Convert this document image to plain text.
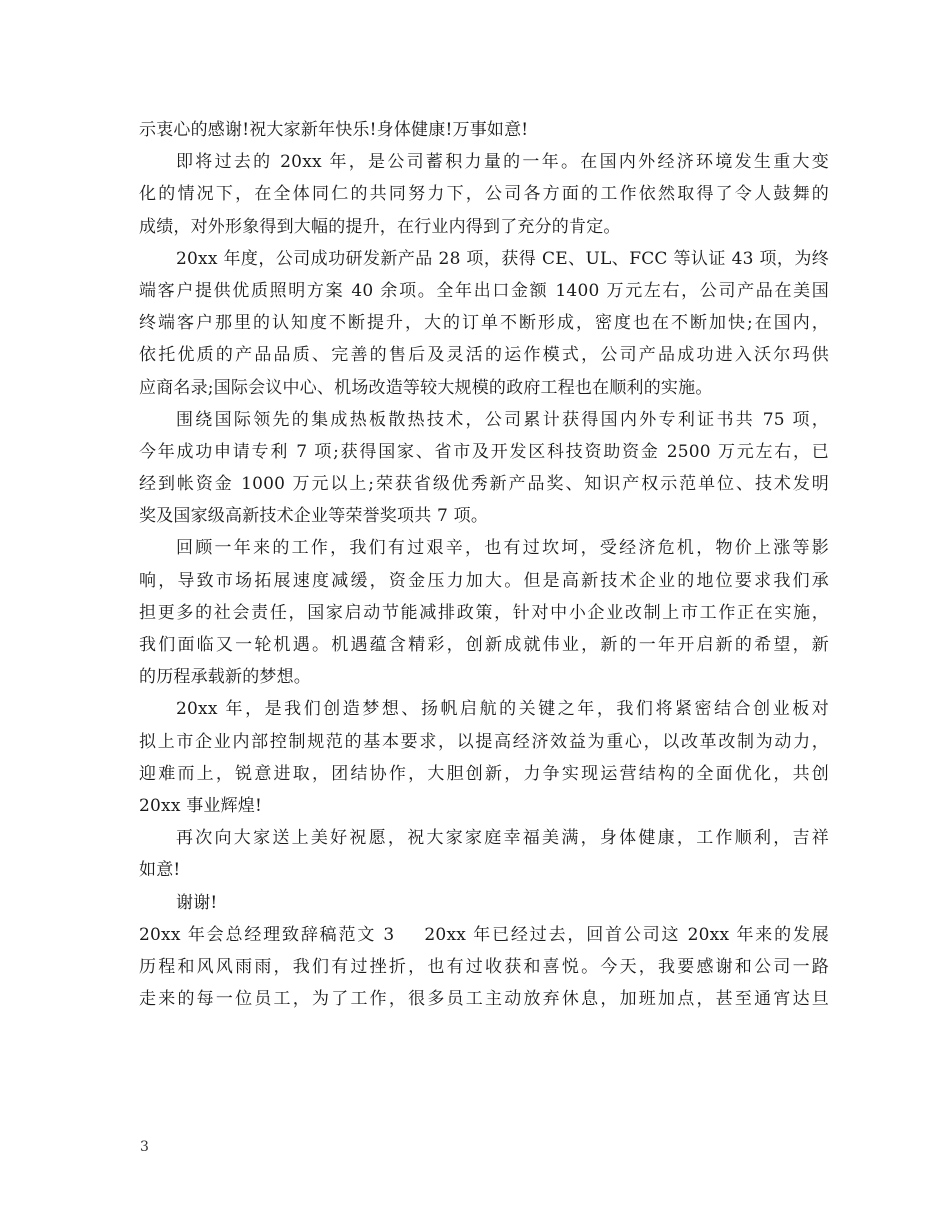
示衷心的感谢!祝大家新年快乐!身体健康!万事如意!
即将过去的 20xx 年，是公司蓄积力量的一年。在国内外经济环境发生重大变
化的情况下，在全体同仁的共同努力下，公司各方面的工作依然取得了令人鼓舞的
成绩，对外形象得到大幅的提升，在行业内得到了充分的肯定。
20xx 年度，公司成功研发新产品 28 项，获得 CE、UL、FCC 等认证 43 项，为终
端客户提供优质照明方案 40 余项。全年出口金额 1400 万元左右，公司产品在美国
终端客户那里的认知度不断提升，大的订单不断形成，密度也在不断加快;在国内，
依托优质的产品品质、完善的售后及灵活的运作模式，公司产品成功进入沃尔玛供
应商名录;国际会议中心、机场改造等较大规模的政府工程也在顺利的实施。
围绕国际领先的集成热板散热技术，公司累计获得国内外专利证书共 75 项，
今年成功申请专利 7 项;获得国家、省市及开发区科技资助资金 2500 万元左右，已
经到帐资金 1000 万元以上;荣获省级优秀新产品奖、知识产权示范单位、技术发明
奖及国家级高新技术企业等荣誉奖项共 7 项。
回顾一年来的工作，我们有过艰辛，也有过坎坷，受经济危机，物价上涨等影
响，导致市场拓展速度减缓，资金压力加大。但是高新技术企业的地位要求我们承
担更多的社会责任，国家启动节能减排政策，针对中小企业改制上市工作正在实施，
我们面临又一轮机遇。机遇蕴含精彩，创新成就伟业，新的一年开启新的希望，新
的历程承载新的梦想。
20xx 年，是我们创造梦想、扬帆启航的关键之年，我们将紧密结合创业板对
拟上市企业内部控制规范的基本要求，以提高经济效益为重心，以改革改制为动力，
迎难而上，锐意进取，团结协作，大胆创新，力争实现运营结构的全面优化，共创
20xx 事业辉煌!
再次向大家送上美好祝愿，祝大家家庭幸福美满，身体健康，工作顺利，吉祥
如意!
谢谢!
20xx 年会总经理致辞稿范文 3 20xx 年已经过去，回首公司这 20xx 年来的发展
历程和风风雨雨，我们有过挫折，也有过收获和喜悦。今天，我要感谢和公司一路
走来的每一位员工，为了工作，很多员工主动放弃休息，加班加点，甚至通宵达旦
3
